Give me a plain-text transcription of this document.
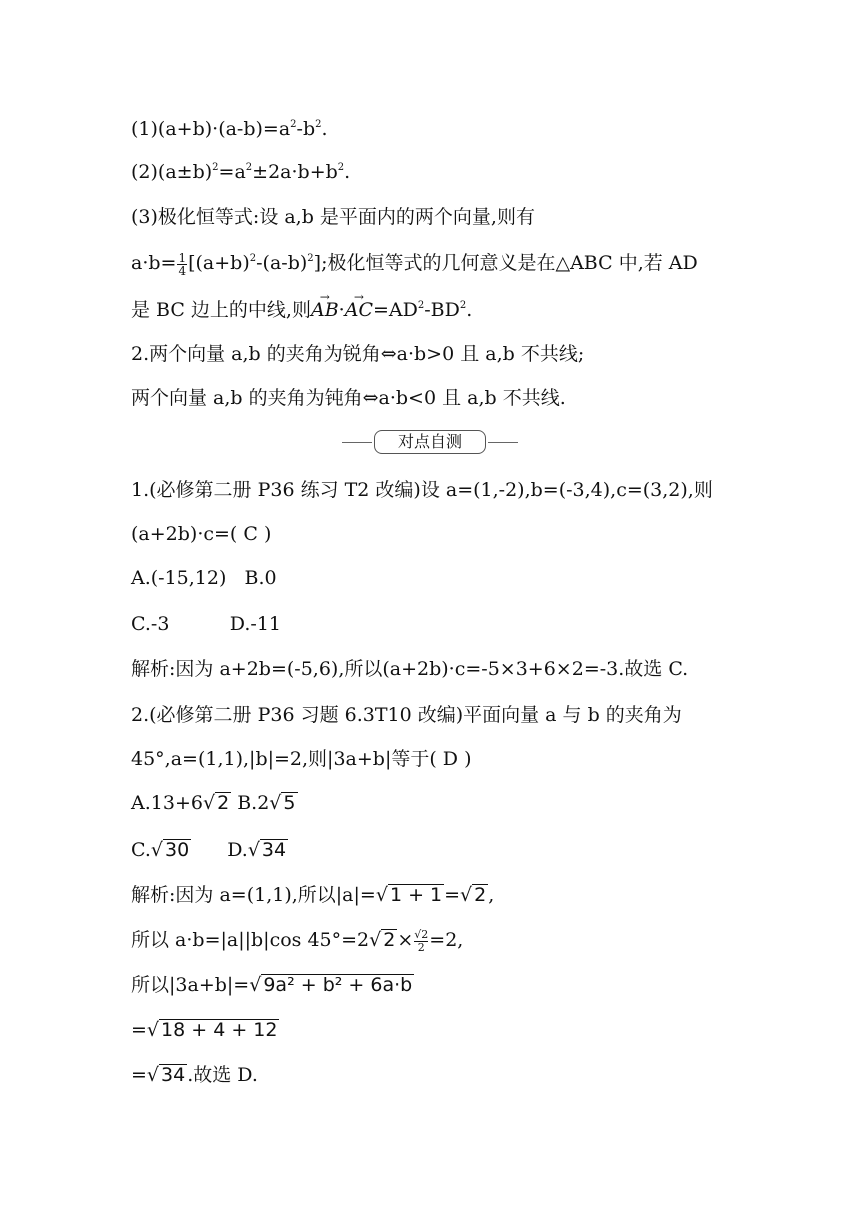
$(1)(a+b)\cdot(a-b)=a^2-b^2$.
$(2)(a\pm b)^2=a^2\pm 2a\cdot b+b^2$.
(3)极化恒等式:设 a,b 是平面内的两个向量,则有
$a\cdot b= \frac{1}{4} [(a+b)^2-(a-b)^2]$;极化恒等式的几何意义是在△ABC 中,若 AD
是 BC 边上的中线,则→ $AB\cdot\to AC=AD^2-BD^2$.
2.两个向量 a,b 的夹角为锐角⇔a·b>0 且 a,b 不共线;
两个向量 a,b 的夹角为钝角⇔a·b<0 且 a,b 不共线.
对点自测
1.(必修第二册 P36 练习 T2 改编)设 a=(1,-2),b=(-3,4),c=(3,2),则
(a+2b)·c=( C )
A.(-15,12)   B.0
C.-3          D.-11
解析:因为 a+2b=(-5,6),所以(a+2b)·c=-5×3+6×2=-3.故选 C.
2.(必修第二册 P36 习题 6.3T10 改编)平面向量 a 与 b 的夹角为
45°,a=(1,1),|b|=2,则|3a+b|等于( D )
A.13+6√ 2 B.2√ 5
C.√ 30 D.√ 34
解析:因为 a=(1,1),所以|a|=√ 1 + 1 =√ 2 ,
所以 a·b=|a||b|cos 45°=2√ $2 \times \frac{√2}{2} =2$,
所以|3a+b|=√ 9a² + b² + 6a·b
=√ 18 + 4 + 12
=√ 34 .故选 D.
